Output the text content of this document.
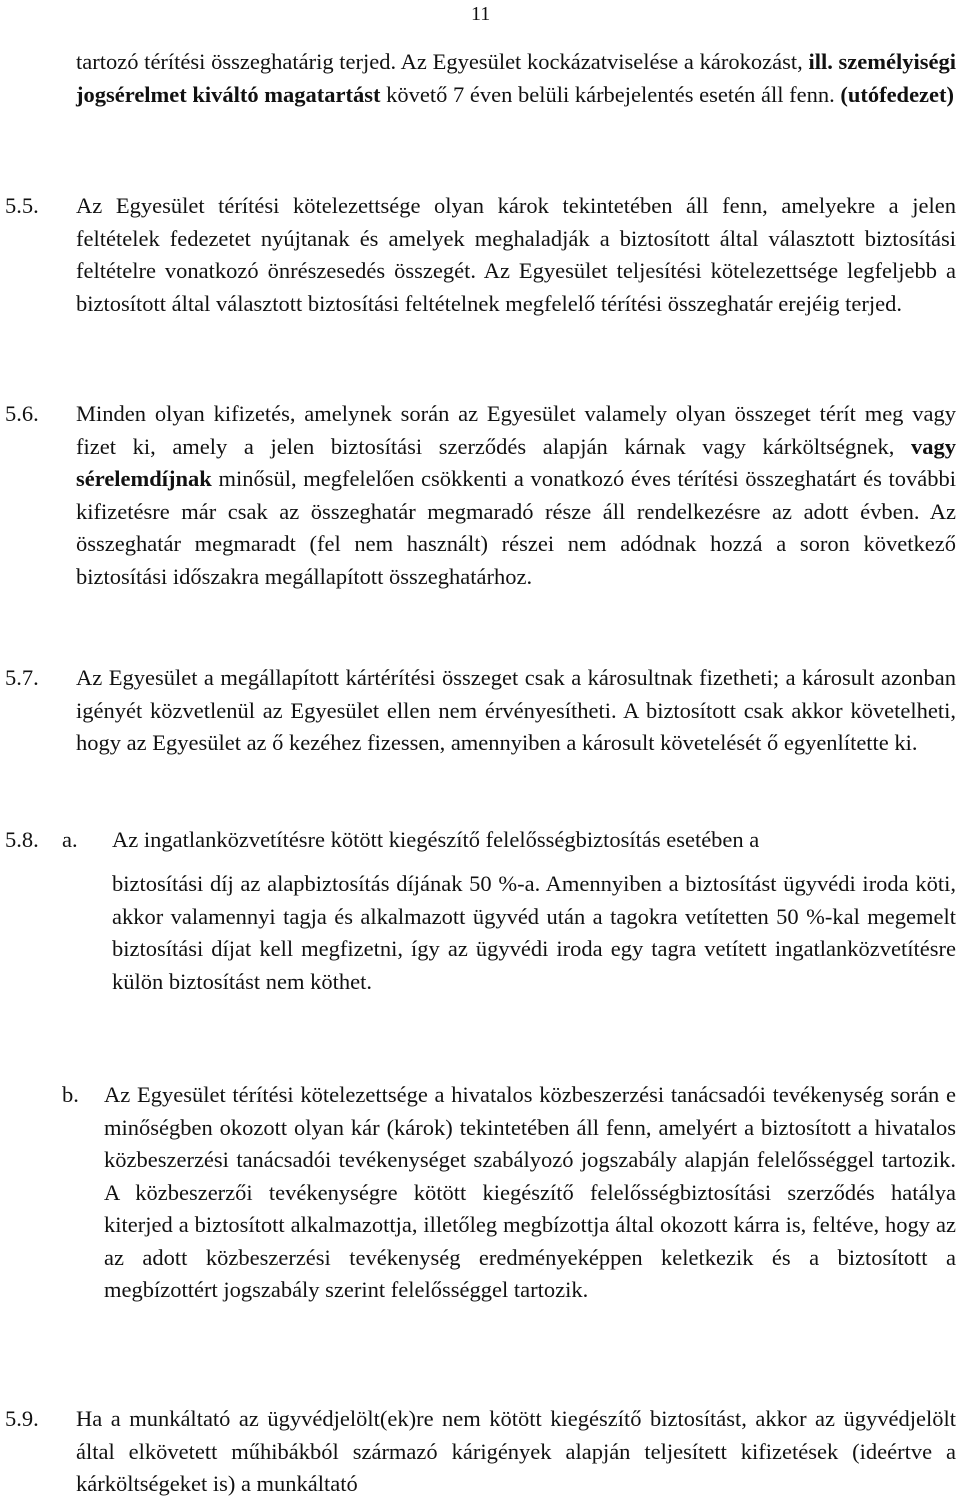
11

tartozó térítési összeghatárig terjed. Az Egyesület kockázatviselése a károkozást, ill. személyiségi jogsérelmet kiváltó magatartást követő 7 éven belüli kárbejelentés esetén áll fenn. (utófedezet)

5.5. Az Egyesület térítési kötelezettsége olyan károk tekintetében áll fenn, amelyekre a jelen feltételek fedezetet nyújtanak és amelyek meghaladják a biztosított által választott biztosítási feltételre vonatkozó önrészesedés összegét. Az Egyesület teljesítési kötelezettsége legfeljebb a biztosított által választott biztosítási feltételnek megfelelő térítési összeghatár erejéig terjed.

5.6. Minden olyan kifizetés, amelynek során az Egyesület valamely olyan összeget térít meg vagy fizet ki, amely a jelen biztosítási szerződés alapján kárnak vagy kárköltségnek, vagy sérelemdíjnak minősül, megfelelően csökkenti a vonatkozó éves térítési összeghatárt és további kifizetésre már csak az összeghatár megmaradó része áll rendelkezésre az adott évben. Az összeghatár megmaradt (fel nem használt) részei nem adódnak hozzá a soron következő biztosítási időszakra megállapított összeghatárhoz.

5.7. Az Egyesület a megállapított kártérítési összeget csak a károsultnak fizetheti; a károsult azonban igényét közvetlenül az Egyesület ellen nem érvényesítheti. A biztosított csak akkor követelheti, hogy az Egyesület az ő kezéhez fizessen, amennyiben a károsult követelését ő egyenlítette ki.

5.8. a. Az ingatlanközvetítésre kötött kiegészítő felelősségbiztosítás esetében a

biztosítási díj az alapbiztosítás díjának 50 %-a. Amennyiben a biztosítást ügyvédi iroda köti, akkor valamennyi tagja és alkalmazott ügyvéd után a tagokra vetítetten 50 %-kal megemelt biztosítási díjat kell megfizetni, így az ügyvédi iroda egy tagra vetített ingatlanközvetítésre külön biztosítást nem köthet.

b. Az Egyesület térítési kötelezettsége a hivatalos közbeszerzési tanácsadói tevékenység során e minőségben okozott olyan kár (károk) tekintetében áll fenn, amelyért a biztosított a hivatalos közbeszerzési tanácsadói tevékenységet szabályozó jogszabály alapján felelősséggel tartozik. A közbeszerzői tevékenységre kötött kiegészítő felelősségbiztosítási szerződés hatálya kiterjed a biztosított alkalmazottja, illetőleg megbízottja által okozott kárra is, feltéve, hogy az az adott közbeszerzési tevékenység eredményeképpen keletkezik és a biztosított a megbízottért jogszabály szerint felelősséggel tartozik.

5.9. Ha a munkáltató az ügyvédjelölt(ek)re nem kötött kiegészítő biztosítást, akkor az ügyvédjelölt által elkövetett műhibákból származó kárigények alapján teljesített kifizetések (ideértve a kárköltségeket is) a munkáltató
